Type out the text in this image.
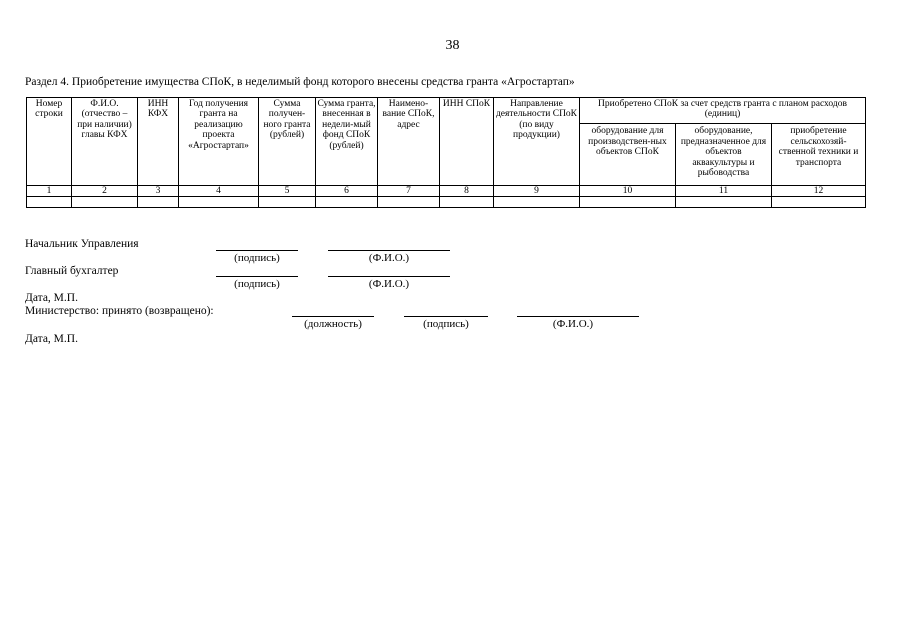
38
Раздел 4. Приобретение имущества СПоК, в неделимый фонд которого внесены средства гранта «Агростартап»
Номер строки	Ф.И.О. (отчество – при наличии) главы КФХ	ИНН КФХ	Год получения гранта на реализацию проекта «Агростартап»	Сумма получен-ного гранта (рублей)	Сумма гранта, внесенная в недели-мый фонд СПоК (рублей)	Наимено-вание СПоК, адрес	ИНН СПоК	Направление деятельности СПоК (по виду продукции)	Приобретено СПоК за счет средств гранта с планом расходов (единиц)		
									оборудование для производствен-ных объектов СПоК	оборудование, предназначенное для объектов аквакультуры и рыбоводства	приобретение сельскохозяй-ственной техники и транспорта
1	2	3	4	5	6	7	8	9	10	11	12

Начальник Управления
(подпись)	(Ф.И.О.)
Главный бухгалтер
(подпись)	(Ф.И.О.)
Дата, М.П.
Министерство: принято (возвращено):
(должность)	(подпись)	(Ф.И.О.)
Дата, М.П.
